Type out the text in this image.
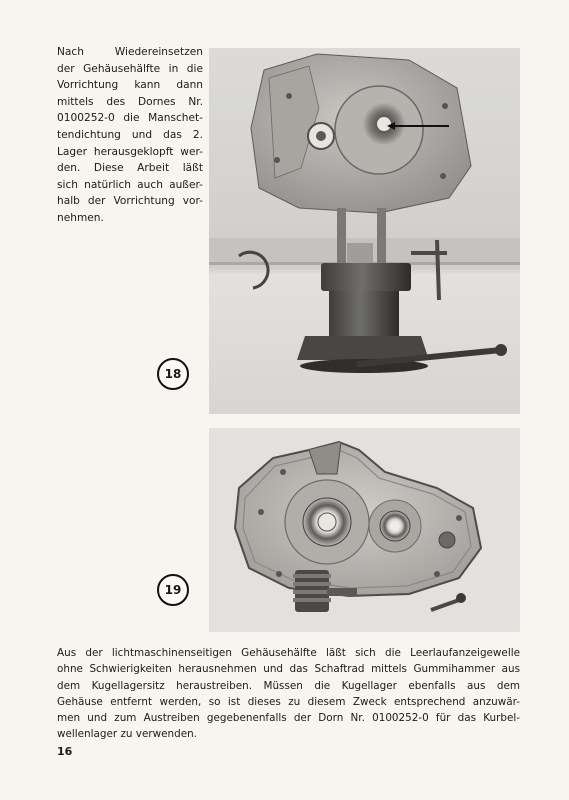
Nach Wiedereinsetzen
der Gehäusehälfte in die
Vorrichtung kann dann
mittels des Dornes Nr.
0100252-0 die Manschet-
tendichtung und das 2.
Lager herausgeklopft wer-
den. Diese Arbeit läßt
sich natürlich auch außer-
halb der Vorrichtung vor-
nehmen.
18
19
Aus der lichtmaschinenseitigen Gehäusehälfte läßt sich die Leerlaufanzeigewelle
ohne Schwierigkeiten herausnehmen und das Schaftrad mittels Gummihammer aus
dem Kugellagersitz heraustreiben. Müssen die Kugellager ebenfalls aus dem
Gehäuse entfernt werden, so ist dieses zu diesem Zweck entsprechend anzuwär-
men und zum Austreiben gegebenenfalls der Dorn Nr. 0100252-0 für das Kurbel-
wellenlager zu verwenden.
16
